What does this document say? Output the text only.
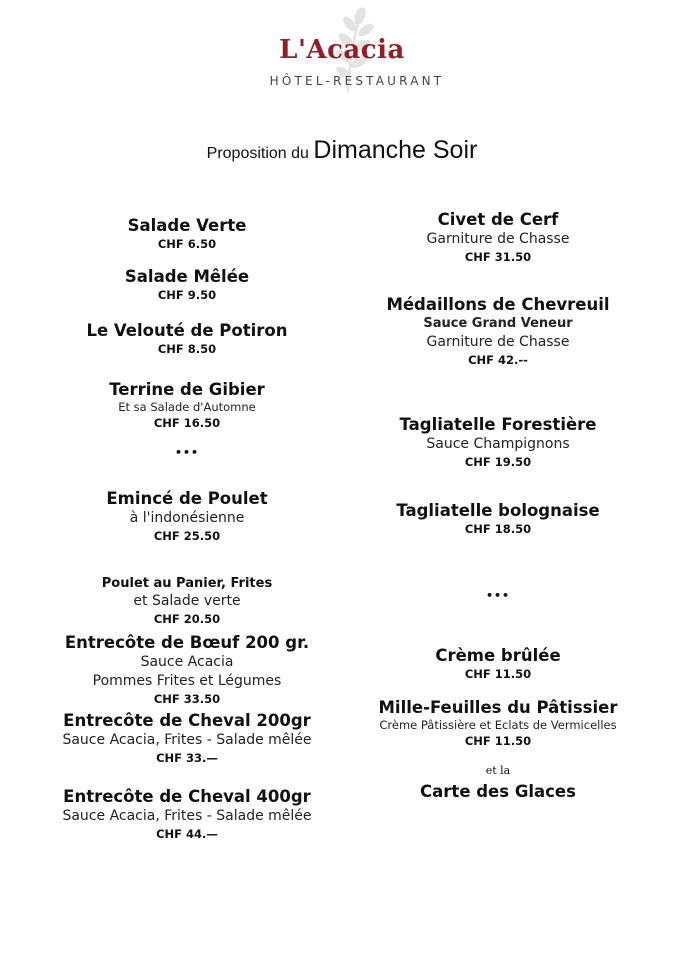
L'Acacia
HÔTEL-RESTAURANT
Proposition du Dimanche Soir
Salade Verte
CHF 6.50
Salade Mêlée
CHF 9.50
Le Velouté de Potiron
CHF 8.50
Terrine de Gibier
Et sa Salade d'Automne
CHF 16.50
•••
Emincé de Poulet
à l'indonésienne
CHF 25.50
Poulet au Panier, Frites
et Salade verte
CHF 20.50
Entrecôte de Bœuf 200 gr.
Sauce Acacia
Pommes Frites et Légumes
CHF 33.50
Entrecôte de Cheval 200gr
Sauce Acacia, Frites - Salade mêlée
CHF 33.—
Entrecôte de Cheval 400gr
Sauce Acacia, Frites - Salade mêlée
CHF 44.—
Civet de Cerf
Garniture de Chasse
CHF 31.50
Médaillons de Chevreuil
Sauce Grand Veneur
Garniture de Chasse
CHF 42.--
Tagliatelle Forestière
Sauce Champignons
CHF 19.50
Tagliatelle bolognaise
CHF 18.50
•••
Crème brûlée
CHF 11.50
Mille-Feuilles du Pâtissier
Crème Pâtissière et Eclats de Vermicelles
CHF 11.50
et la
Carte des Glaces
